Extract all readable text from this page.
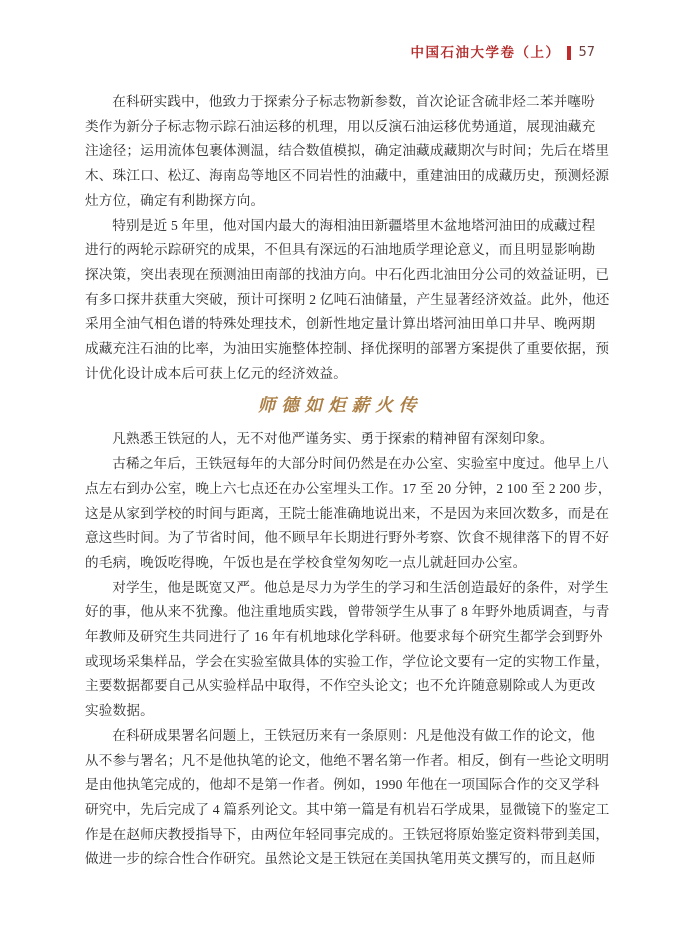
中国石油大学卷（上） 57
在科研实践中，他致力于探索分子标志物新参数，首次论证含硫非烃二苯并噻吩
类作为新分子标志物示踪石油运移的机理，用以反演石油运移优势通道，展现油藏充
注途径；运用流体包裹体测温，结合数值模拟，确定油藏成藏期次与时间；先后在塔里
木、珠江口、松辽、海南岛等地区不同岩性的油藏中，重建油田的成藏历史，预测烃源
灶方位，确定有利勘探方向。
特别是近 5 年里，他对国内最大的海相油田新疆塔里木盆地塔河油田的成藏过程
进行的两轮示踪研究的成果，不但具有深远的石油地质学理论意义，而且明显影响勘
探决策，突出表现在预测油田南部的找油方向。中石化西北油田分公司的效益证明，已
有多口探井获重大突破，预计可探明 2 亿吨石油储量，产生显著经济效益。此外，他还
采用全油气相色谱的特殊处理技术，创新性地定量计算出塔河油田单口井早、晚两期
成藏充注石油的比率，为油田实施整体控制、择优探明的部署方案提供了重要依据，预
计优化设计成本后可获上亿元的经济效益。
师德如炬薪火传
凡熟悉王铁冠的人，无不对他严谨务实、勇于探索的精神留有深刻印象。
古稀之年后，王铁冠每年的大部分时间仍然是在办公室、实验室中度过。他早上八
点左右到办公室，晚上六七点还在办公室埋头工作。17 至 20 分钟，2 100 至 2 200 步，
这是从家到学校的时间与距离，王院士能准确地说出来，不是因为来回次数多，而是在
意这些时间。为了节省时间，他不顾早年长期进行野外考察、饮食不规律落下的胃不好
的毛病，晚饭吃得晚，午饭也是在学校食堂匆匆吃一点儿就赶回办公室。
对学生，他是既宽又严。他总是尽力为学生的学习和生活创造最好的条件，对学生
好的事，他从来不犹豫。他注重地质实践，曾带领学生从事了 8 年野外地质调查，与青
年教师及研究生共同进行了 16 年有机地球化学科研。他要求每个研究生都学会到野外
或现场采集样品，学会在实验室做具体的实验工作，学位论文要有一定的实物工作量，
主要数据都要自己从实验样品中取得，不作空头论文；也不允许随意剔除或人为更改
实验数据。
在科研成果署名问题上，王铁冠历来有一条原则：凡是他没有做工作的论文，他
从不参与署名；凡不是他执笔的论文，他绝不署名第一作者。相反，倒有一些论文明明
是由他执笔完成的，他却不是第一作者。例如，1990 年他在一项国际合作的交叉学科
研究中，先后完成了 4 篇系列论文。其中第一篇是有机岩石学成果，显微镜下的鉴定工
作是在赵师庆教授指导下，由两位年轻同事完成的。王铁冠将原始鉴定资料带到美国，
做进一步的综合性合作研究。虽然论文是王铁冠在美国执笔用英文撰写的，而且赵师
